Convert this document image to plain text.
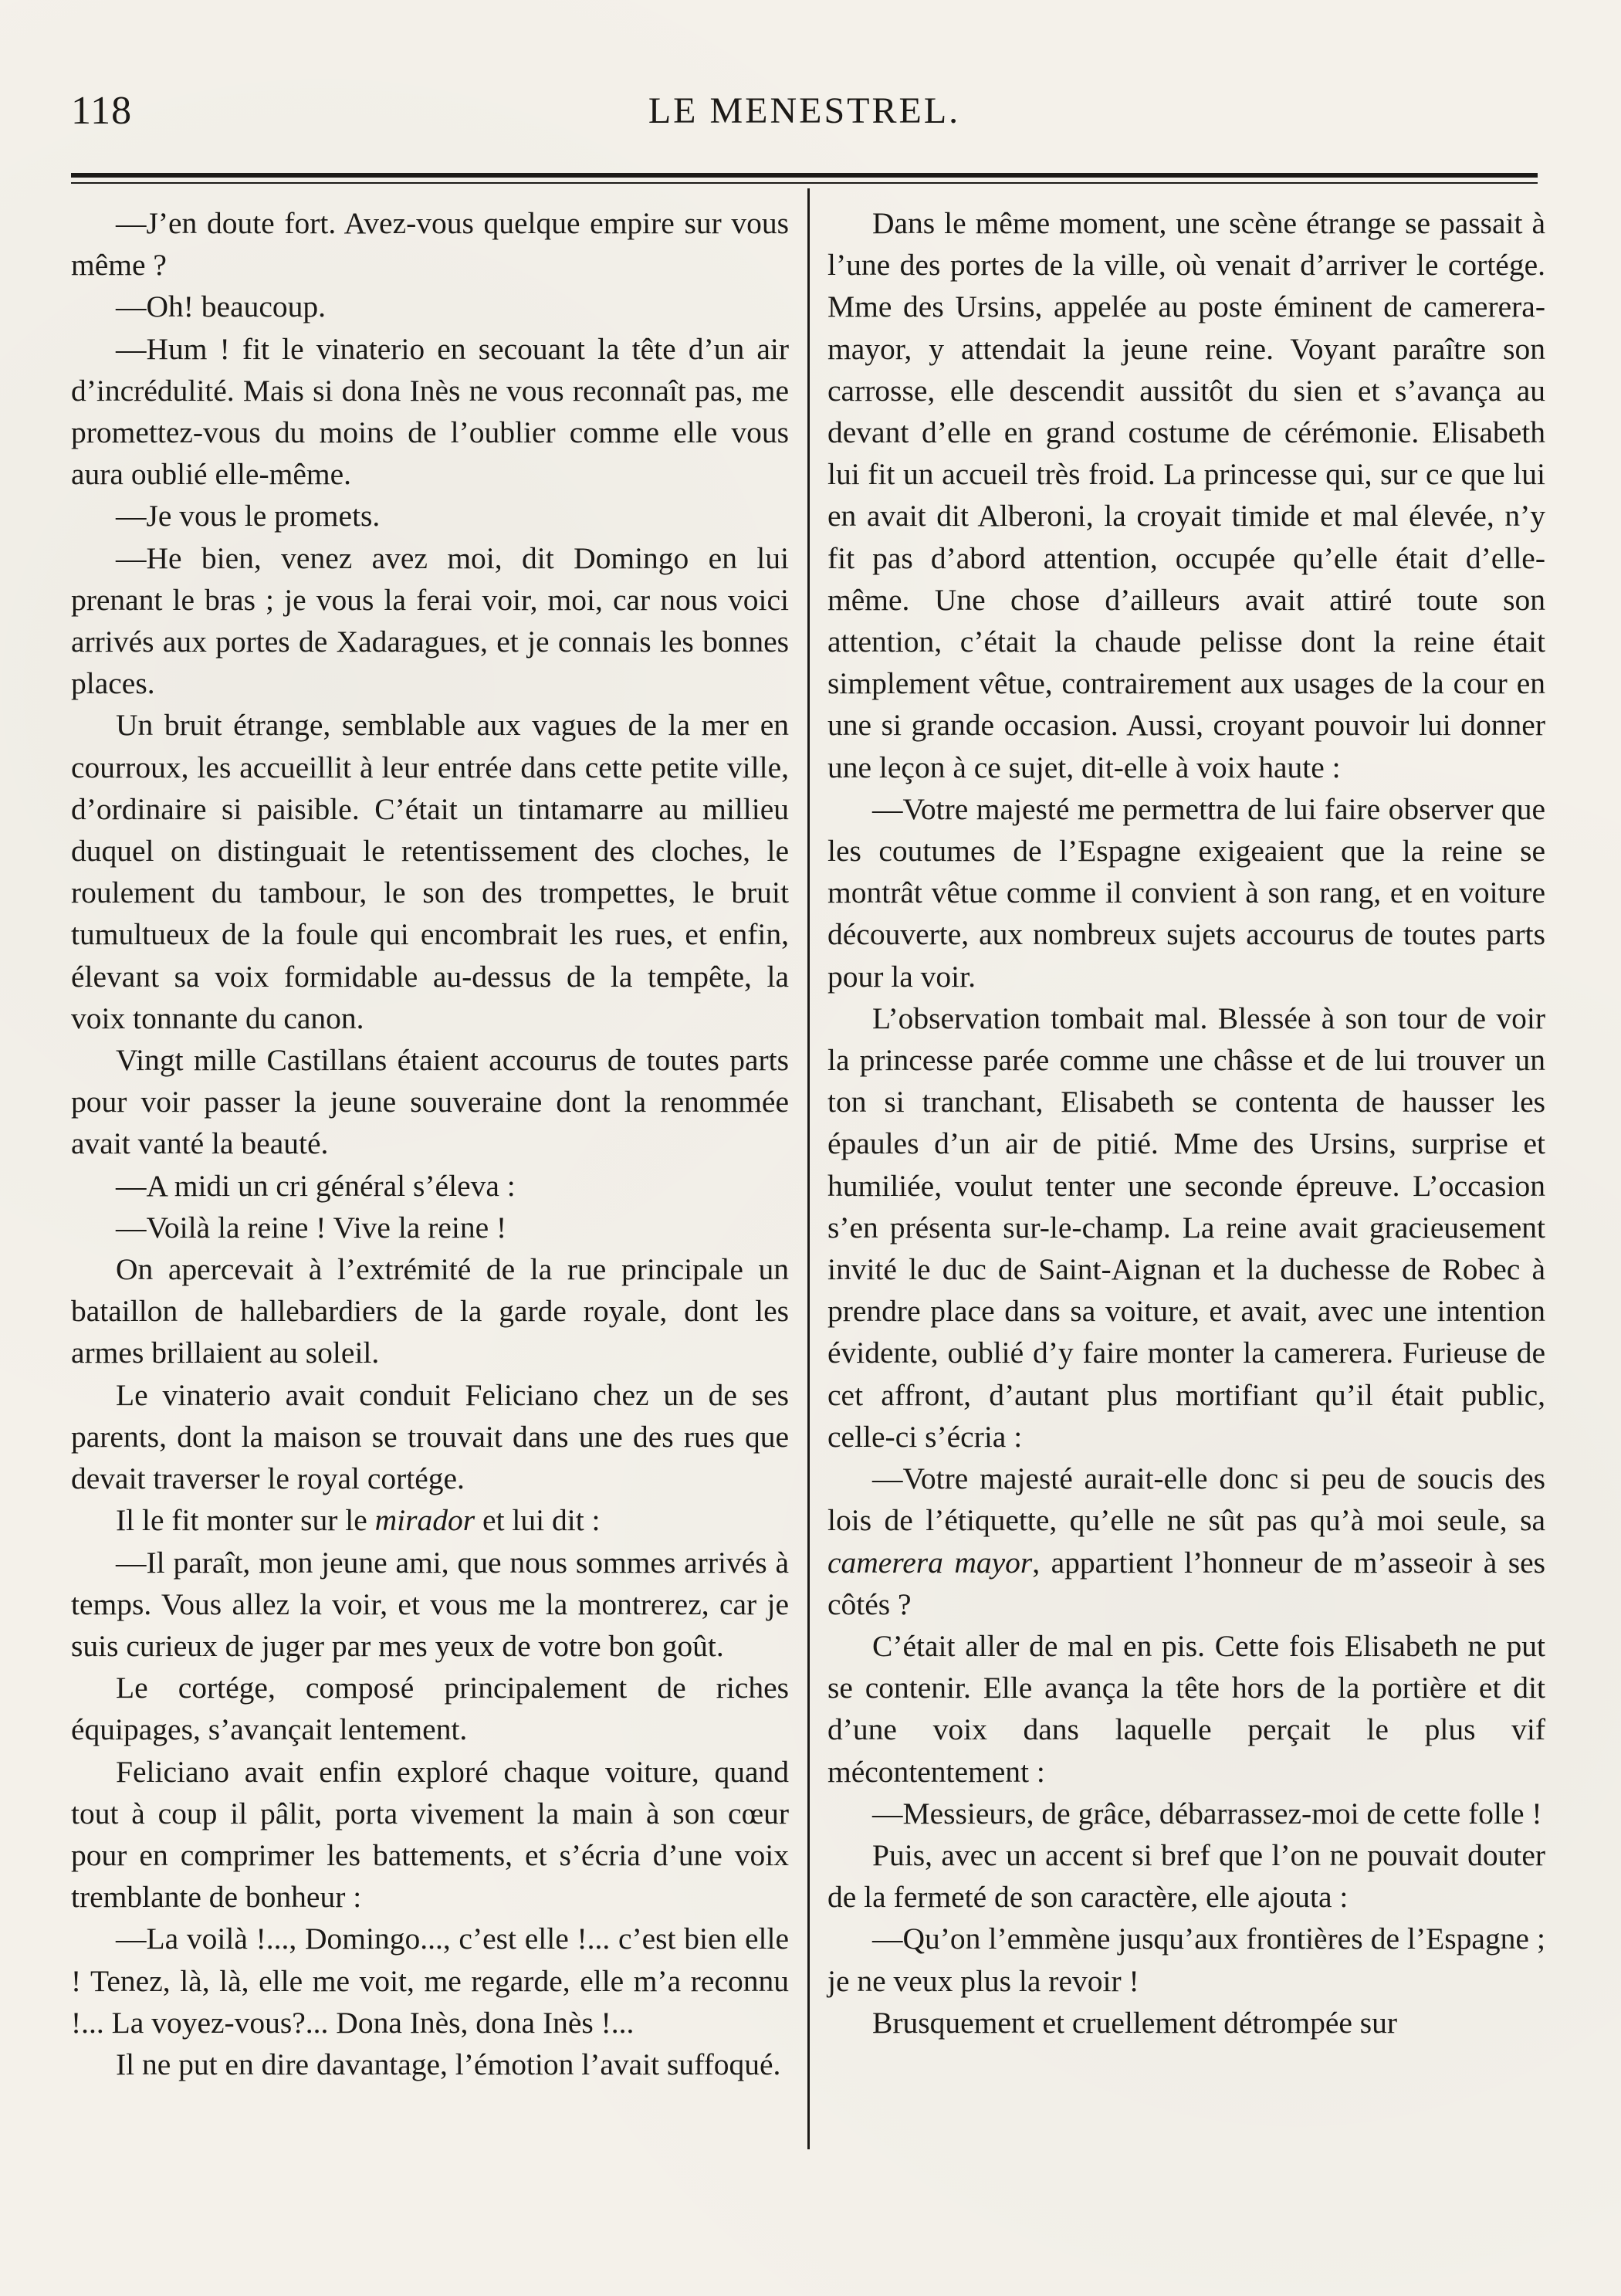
118	LE MENESTREL.

—J’en doute fort. Avez-vous quelque empire sur vous même ?

—Oh! beaucoup.

—Hum ! fit le vinaterio en secouant la tête d’un air d’incrédulité. Mais si dona Inès ne vous reconnaît pas, me promettez-vous du moins de l’oublier comme elle vous aura oublié elle-même.

—Je vous le promets.

—He bien, venez avez moi, dit Domingo en lui prenant le bras ; je vous la ferai voir, moi, car nous voici arrivés aux portes de Xadaragues, et je connais les bonnes places.

Un bruit étrange, semblable aux vagues de la mer en courroux, les accueillit à leur entrée dans cette petite ville, d’ordinaire si paisible. C’était un tintamarre au millieu duquel on distinguait le retentissement des cloches, le roulement du tambour, le son des trompettes, le bruit tumultueux de la foule qui encombrait les rues, et enfin, élevant sa voix formidable au-dessus de la tempête, la voix tonnante du canon.

Vingt mille Castillans étaient accourus de toutes parts pour voir passer la jeune souveraine dont la renommée avait vanté la beauté.

—A midi un cri général s’éleva :

—Voilà la reine ! Vive la reine !

On apercevait à l’extrémité de la rue principale un bataillon de hallebardiers de la garde royale, dont les armes brillaient au soleil.

Le vinaterio avait conduit Feliciano chez un de ses parents, dont la maison se trouvait dans une des rues que devait traverser le royal cortége.

Il le fit monter sur le mirador et lui dit :

—Il paraît, mon jeune ami, que nous sommes arrivés à temps. Vous allez la voir, et vous me la montrerez, car je suis curieux de juger par mes yeux de votre bon goût.

Le cortége, composé principalement de riches équipages, s’avançait lentement.

Feliciano avait enfin exploré chaque voiture, quand tout à coup il pâlit, porta vivement la main à son cœur pour en comprimer les battements, et s’écria d’une voix tremblante de bonheur :

—La voilà !..., Domingo..., c’est elle !... c’est bien elle ! Tenez, là, là, elle me voit, me regarde, elle m’a reconnu !... La voyez-vous?... Dona Inès, dona Inès !...

Il ne put en dire davantage, l’émotion l’avait suffoqué.

Dans le même moment, une scène étrange se passait à l’une des portes de la ville, où venait d’arriver le cortége. Mme des Ursins, appelée au poste éminent de camerera-mayor, y attendait la jeune reine. Voyant paraître son carrosse, elle descendit aussitôt du sien et s’avança au devant d’elle en grand costume de cérémonie. Elisabeth lui fit un accueil très froid. La princesse qui, sur ce que lui en avait dit Alberoni, la croyait timide et mal élevée, n’y fit pas d’abord attention, occupée qu’elle était d’elle-même. Une chose d’ailleurs avait attiré toute son attention, c’était la chaude pelisse dont la reine était simplement vêtue, contrairement aux usages de la cour en une si grande occasion. Aussi, croyant pouvoir lui donner une leçon à ce sujet, dit-elle à voix haute :

—Votre majesté me permettra de lui faire observer que les coutumes de l’Espagne exigeaient que la reine se montrât vêtue comme il convient à son rang, et en voiture découverte, aux nombreux sujets accourus de toutes parts pour la voir.

L’observation tombait mal. Blessée à son tour de voir la princesse parée comme une châsse et de lui trouver un ton si tranchant, Elisabeth se contenta de hausser les épaules d’un air de pitié. Mme des Ursins, surprise et humiliée, voulut tenter une seconde épreuve. L’occasion s’en présenta sur-le-champ. La reine avait gracieusement invité le duc de Saint-Aignan et la duchesse de Robec à prendre place dans sa voiture, et avait, avec une intention évidente, oublié d’y faire monter la camerera. Furieuse de cet affront, d’autant plus mortifiant qu’il était public, celle-ci s’écria :

—Votre majesté aurait-elle donc si peu de soucis des lois de l’étiquette, qu’elle ne sût pas qu’à moi seule, sa camerera mayor, appartient l’honneur de m’asseoir à ses côtés ?

C’était aller de mal en pis. Cette fois Elisabeth ne put se contenir. Elle avança la tête hors de la portière et dit d’une voix dans laquelle perçait le plus vif mécontentement :

—Messieurs, de grâce, débarrassez-moi de cette folle !

Puis, avec un accent si bref que l’on ne pouvait douter de la fermeté de son caractère, elle ajouta :

—Qu’on l’emmène jusqu’aux frontières de l’Espagne ; je ne veux plus la revoir !

Brusquement et cruellement détrompée sur
